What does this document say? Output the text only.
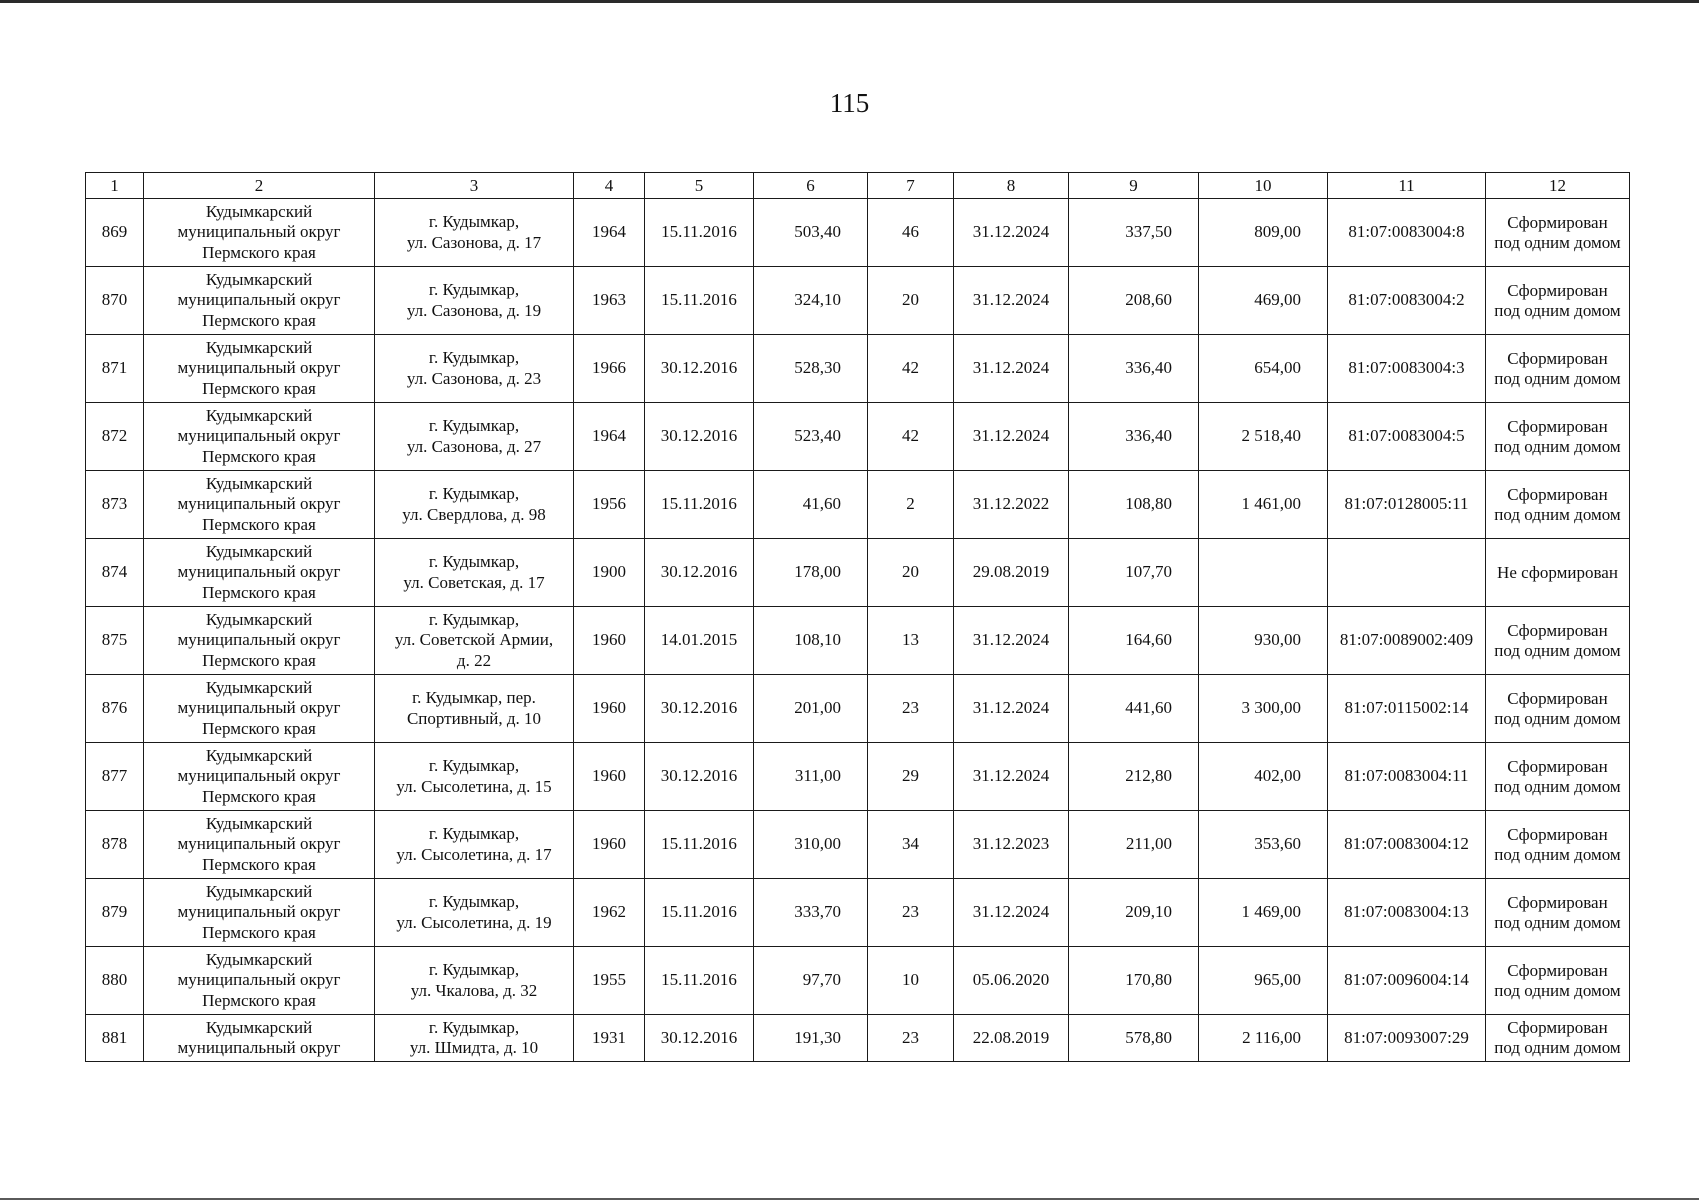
115
1	2	3	4	5	6	7	8	9	10	11	12
869	Кудымкарский
муниципальный округ
Пермского края	г. Кудымкар,
ул. Сазонова, д. 17	1964	15.11.2016	503,40	46	31.12.2024	337,50	809,00	81:07:0083004:8	Сформирован
под одним домом

870	Кудымкарский
муниципальный округ
Пермского края	г. Кудымкар,
ул. Сазонова, д. 19	1963	15.11.2016	324,10	20	31.12.2024	208,60	469,00	81:07:0083004:2	Сформирован
под одним домом

871	Кудымкарский
муниципальный округ
Пермского края	г. Кудымкар,
ул. Сазонова, д. 23	1966	30.12.2016	528,30	42	31.12.2024	336,40	654,00	81:07:0083004:3	Сформирован
под одним домом

872	Кудымкарский
муниципальный округ
Пермского края	г. Кудымкар,
ул. Сазонова, д. 27	1964	30.12.2016	523,40	42	31.12.2024	336,40	2 518,40	81:07:0083004:5	Сформирован
под одним домом

873	Кудымкарский
муниципальный округ
Пермского края	г. Кудымкар,
ул. Свердлова, д. 98	1956	15.11.2016	41,60	2	31.12.2022	108,80	1 461,00	81:07:0128005:11	Сформирован
под одним домом

874	Кудымкарский
муниципальный округ
Пермского края	г. Кудымкар,
ул. Советская, д. 17	1900	30.12.2016	178,00	20	29.08.2019	107,70			Не сформирован

875	Кудымкарский
муниципальный округ
Пермского края	г. Кудымкар,
ул. Советской Армии,
д. 22	1960	14.01.2015	108,10	13	31.12.2024	164,60	930,00	81:07:0089002:409	Сформирован
под одним домом

876	Кудымкарский
муниципальный округ
Пермского края	г. Кудымкар, пер.
Спортивный, д. 10	1960	30.12.2016	201,00	23	31.12.2024	441,60	3 300,00	81:07:0115002:14	Сформирован
под одним домом

877	Кудымкарский
муниципальный округ
Пермского края	г. Кудымкар,
ул. Сысолетина, д. 15	1960	30.12.2016	311,00	29	31.12.2024	212,80	402,00	81:07:0083004:11	Сформирован
под одним домом

878	Кудымкарский
муниципальный округ
Пермского края	г. Кудымкар,
ул. Сысолетина, д. 17	1960	15.11.2016	310,00	34	31.12.2023	211,00	353,60	81:07:0083004:12	Сформирован
под одним домом

879	Кудымкарский
муниципальный округ
Пермского края	г. Кудымкар,
ул. Сысолетина, д. 19	1962	15.11.2016	333,70	23	31.12.2024	209,10	1 469,00	81:07:0083004:13	Сформирован
под одним домом

880	Кудымкарский
муниципальный округ
Пермского края	г. Кудымкар,
ул. Чкалова, д. 32	1955	15.11.2016	97,70	10	05.06.2020	170,80	965,00	81:07:0096004:14	Сформирован
под одним домом

881	Кудымкарский
муниципальный округ	г. Кудымкар,
ул. Шмидта, д. 10	1931	30.12.2016	191,30	23	22.08.2019	578,80	2 116,00	81:07:0093007:29	Сформирован
под одним домом
